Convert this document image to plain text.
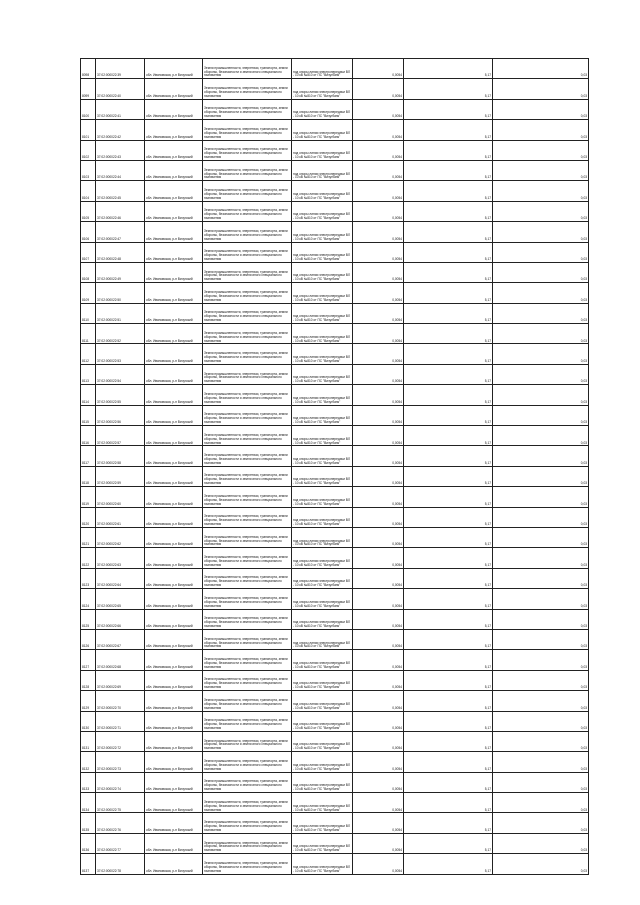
8098	37:02:000022:39	обл. Ивановская, р-н Вичугский	Земли промышленности, энергетики, транспорта, земли обороны, безопасности и земли иного специального назначения	под опоры линии электропередачи ВЛ - 10 кВ №810 от ПС "Вичугбанк"	0,0054	5,17	0,03
8099	37:02:000022:40	обл. Ивановская, р-н Вичугский	Земли промышленности, энергетики, транспорта, земли обороны, безопасности и земли иного специального назначения	под опоры линии электропередачи ВЛ - 10 кВ №810 от ПС "Вичугбанк"	0,0054	5,17	0,03
8100	37:02:000022:41	обл. Ивановская, р-н Вичугский	Земли промышленности, энергетики, транспорта, земли обороны, безопасности и земли иного специального назначения	под опоры линии электропередачи ВЛ - 10 кВ №810 от ПС "Вичугбанк"	0,0054	5,17	0,03
8101	37:02:000022:42	обл. Ивановская, р-н Вичугский	Земли промышленности, энергетики, транспорта, земли обороны, безопасности и земли иного специального назначения	под опоры линии электропередачи ВЛ - 10 кВ №810 от ПС "Вичугбанк"	0,0054	5,17	0,03
8102	37:02:000022:43	обл. Ивановская, р-н Вичугский	Земли промышленности, энергетики, транспорта, земли обороны, безопасности и земли иного специального назначения	под опоры линии электропередачи ВЛ - 10 кВ №810 от ПС "Вичугбанк"	0,0054	5,17	0,03
8103	37:02:000022:44	обл. Ивановская, р-н Вичугский	Земли промышленности, энергетики, транспорта, земли обороны, безопасности и земли иного специального назначения	под опоры линии электропередачи ВЛ - 10 кВ №810 от ПС "Вичугбанк"	0,0054	5,17	0,03
8104	37:02:000022:45	обл. Ивановская, р-н Вичугский	Земли промышленности, энергетики, транспорта, земли обороны, безопасности и земли иного специального назначения	под опоры линии электропередачи ВЛ - 10 кВ №810 от ПС "Вичугбанк"	0,0054	5,17	0,03
8105	37:02:000022:46	обл. Ивановская, р-н Вичугский	Земли промышленности, энергетики, транспорта, земли обороны, безопасности и земли иного специального назначения	под опоры линии электропередачи ВЛ - 10 кВ №810 от ПС "Вичугбанк"	0,0054	5,17	0,03
8106	37:02:000022:47	обл. Ивановская, р-н Вичугский	Земли промышленности, энергетики, транспорта, земли обороны, безопасности и земли иного специального назначения	под опоры линии электропередачи ВЛ - 10 кВ №810 от ПС "Вичугбанк"	0,0054	5,17	0,03
8107	37:02:000022:48	обл. Ивановская, р-н Вичугский	Земли промышленности, энергетики, транспорта, земли обороны, безопасности и земли иного специального назначения	под опоры линии электропередачи ВЛ - 10 кВ №810 от ПС "Вичугбанк"	0,0054	5,17	0,03
8108	37:02:000022:49	обл. Ивановская, р-н Вичугский	Земли промышленности, энергетики, транспорта, земли обороны, безопасности и земли иного специального назначения	под опоры линии электропередачи ВЛ - 10 кВ №810 от ПС "Вичугбанк"	0,0054	5,17	0,03
8109	37:02:000022:50	обл. Ивановская, р-н Вичугский	Земли промышленности, энергетики, транспорта, земли обороны, безопасности и земли иного специального назначения	под опоры линии электропередачи ВЛ - 10 кВ №810 от ПС "Вичугбанк"	0,0054	5,17	0,03
8110	37:02:000022:51	обл. Ивановская, р-н Вичугский	Земли промышленности, энергетики, транспорта, земли обороны, безопасности и земли иного специального назначения	под опоры линии электропередачи ВЛ - 10 кВ №810 от ПС "Вичугбанк"	0,0054	5,17	0,03
8111	37:02:000022:52	обл. Ивановская, р-н Вичугский	Земли промышленности, энергетики, транспорта, земли обороны, безопасности и земли иного специального назначения	под опоры линии электропередачи ВЛ - 10 кВ №810 от ПС "Вичугбанк"	0,0054	5,17	0,03
8112	37:02:000022:53	обл. Ивановская, р-н Вичугский	Земли промышленности, энергетики, транспорта, земли обороны, безопасности и земли иного специального назначения	под опоры линии электропередачи ВЛ - 10 кВ №810 от ПС "Вичугбанк"	0,0054	5,17	0,03
8113	37:02:000022:54	обл. Ивановская, р-н Вичугский	Земли промышленности, энергетики, транспорта, земли обороны, безопасности и земли иного специального назначения	под опоры линии электропередачи ВЛ - 10 кВ №810 от ПС "Вичугбанк"	0,0054	5,17	0,03
8114	37:02:000022:55	обл. Ивановская, р-н Вичугский	Земли промышленности, энергетики, транспорта, земли обороны, безопасности и земли иного специального назначения	под опоры линии электропередачи ВЛ - 10 кВ №810 от ПС "Вичугбанк"	0,0054	5,17	0,03
8115	37:02:000022:56	обл. Ивановская, р-н Вичугский	Земли промышленности, энергетики, транспорта, земли обороны, безопасности и земли иного специального назначения	под опоры линии электропередачи ВЛ - 10 кВ №810 от ПС "Вичугбанк"	0,0054	5,17	0,03
8116	37:02:000022:57	обл. Ивановская, р-н Вичугский	Земли промышленности, энергетики, транспорта, земли обороны, безопасности и земли иного специального назначения	под опоры линии электропередачи ВЛ - 10 кВ №810 от ПС "Вичугбанк"	0,0054	5,17	0,03
8117	37:02:000022:58	обл. Ивановская, р-н Вичугский	Земли промышленности, энергетики, транспорта, земли обороны, безопасности и земли иного специального назначения	под опоры линии электропередачи ВЛ - 10 кВ №810 от ПС "Вичугбанк"	0,0054	5,17	0,03
8118	37:02:000022:59	обл. Ивановская, р-н Вичугский	Земли промышленности, энергетики, транспорта, земли обороны, безопасности и земли иного специального назначения	под опоры линии электропередачи ВЛ - 10 кВ №810 от ПС "Вичугбанк"	0,0054	5,17	0,03
8119	37:02:000022:60	обл. Ивановская, р-н Вичугский	Земли промышленности, энергетики, транспорта, земли обороны, безопасности и земли иного специального назначения	под опоры линии электропередачи ВЛ - 10 кВ №810 от ПС "Вичугбанк"	0,0054	5,17	0,03
8120	37:02:000022:61	обл. Ивановская, р-н Вичугский	Земли промышленности, энергетики, транспорта, земли обороны, безопасности и земли иного специального назначения	под опоры линии электропередачи ВЛ - 10 кВ №810 от ПС "Вичугбанк"	0,0054	5,17	0,03
8121	37:02:000022:62	обл. Ивановская, р-н Вичугский	Земли промышленности, энергетики, транспорта, земли обороны, безопасности и земли иного специального назначения	под опоры линии электропередачи ВЛ - 10 кВ №810 от ПС "Вичугбанк"	0,0054	5,17	0,03
8122	37:02:000022:63	обл. Ивановская, р-н Вичугский	Земли промышленности, энергетики, транспорта, земли обороны, безопасности и земли иного специального назначения	под опоры линии электропередачи ВЛ - 10 кВ №810 от ПС "Вичугбанк"	0,0054	5,17	0,03
8123	37:02:000022:64	обл. Ивановская, р-н Вичугский	Земли промышленности, энергетики, транспорта, земли обороны, безопасности и земли иного специального назначения	под опоры линии электропередачи ВЛ - 10 кВ №810 от ПС "Вичугбанк"	0,0054	5,17	0,03
8124	37:02:000022:65	обл. Ивановская, р-н Вичугский	Земли промышленности, энергетики, транспорта, земли обороны, безопасности и земли иного специального назначения	под опоры линии электропередачи ВЛ - 10 кВ №810 от ПС "Вичугбанк"	0,0054	5,17	0,03
8125	37:02:000022:66	обл. Ивановская, р-н Вичугский	Земли промышленности, энергетики, транспорта, земли обороны, безопасности и земли иного специального назначения	под опоры линии электропередачи ВЛ - 10 кВ №810 от ПС "Вичугбанк"	0,0054	5,17	0,03
8126	37:02:000022:67	обл. Ивановская, р-н Вичугский	Земли промышленности, энергетики, транспорта, земли обороны, безопасности и земли иного специального назначения	под опоры линии электропередачи ВЛ - 10 кВ №810 от ПС "Вичугбанк"	0,0054	5,17	0,03
8127	37:02:000022:68	обл. Ивановская, р-н Вичугский	Земли промышленности, энергетики, транспорта, земли обороны, безопасности и земли иного специального назначения	под опоры линии электропередачи ВЛ - 10 кВ №810 от ПС "Вичугбанк"	0,0054	5,17	0,03
8128	37:02:000022:69	обл. Ивановская, р-н Вичугский	Земли промышленности, энергетики, транспорта, земли обороны, безопасности и земли иного специального назначения	под опоры линии электропередачи ВЛ - 10 кВ №810 от ПС "Вичугбанк"	0,0054	5,17	0,03
8129	37:02:000022:70	обл. Ивановская, р-н Вичугский	Земли промышленности, энергетики, транспорта, земли обороны, безопасности и земли иного специального назначения	под опоры линии электропередачи ВЛ - 10 кВ №810 от ПС "Вичугбанк"	0,0054	5,17	0,03
8130	37:02:000022:71	обл. Ивановская, р-н Вичугский	Земли промышленности, энергетики, транспорта, земли обороны, безопасности и земли иного специального назначения	под опоры линии электропередачи ВЛ - 10 кВ №810 от ПС "Вичугбанк"	0,0054	5,17	0,03
8131	37:02:000022:72	обл. Ивановская, р-н Вичугский	Земли промышленности, энергетики, транспорта, земли обороны, безопасности и земли иного специального назначения	под опоры линии электропередачи ВЛ - 10 кВ №810 от ПС "Вичугбанк"	0,0054	5,17	0,03
8132	37:02:000022:73	обл. Ивановская, р-н Вичугский	Земли промышленности, энергетики, транспорта, земли обороны, безопасности и земли иного специального назначения	под опоры линии электропередачи ВЛ - 10 кВ №810 от ПС "Вичугбанк"	0,0054	5,17	0,03
8133	37:02:000022:74	обл. Ивановская, р-н Вичугский	Земли промышленности, энергетики, транспорта, земли обороны, безопасности и земли иного специального назначения	под опоры линии электропередачи ВЛ - 10 кВ №810 от ПС "Вичугбанк"	0,0054	5,17	0,03
8134	37:02:000022:75	обл. Ивановская, р-н Вичугский	Земли промышленности, энергетики, транспорта, земли обороны, безопасности и земли иного специального назначения	под опоры линии электропередачи ВЛ - 10 кВ №810 от ПС "Вичугбанк"	0,0054	5,17	0,03
8135	37:02:000022:76	обл. Ивановская, р-н Вичугский	Земли промышленности, энергетики, транспорта, земли обороны, безопасности и земли иного специального назначения	под опоры линии электропередачи ВЛ - 10 кВ №810 от ПС "Вичугбанк"	0,0054	5,17	0,03
8136	37:02:000022:77	обл. Ивановская, р-н Вичугский	Земли промышленности, энергетики, транспорта, земли обороны, безопасности и земли иного специального назначения	под опоры линии электропередачи ВЛ - 10 кВ №810 от ПС "Вичугбанк"	0,0054	5,17	0,03
8137	37:02:000022:78	обл. Ивановская, р-н Вичугский	Земли промышленности, энергетики, транспорта, земли обороны, безопасности и земли иного специального назначения	под опоры линии электропередачи ВЛ - 10 кВ №810 от ПС "Вичугбанк"	0,0054	5,17	0,03
